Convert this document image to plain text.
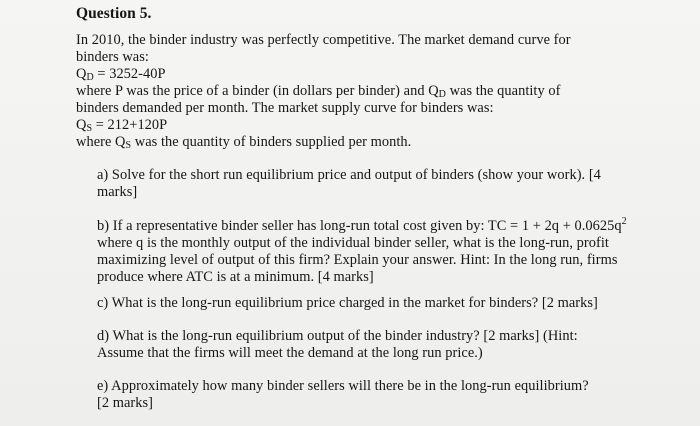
Question 5.
In 2010, the binder industry was perfectly competitive. The market demand curve for
binders was:
$Q_D = 3252-40P$
where P was the price of a binder (in dollars per binder) and $Q_D$ was the quantity of
binders demanded per month. The market supply curve for binders was:
$Q_S = 212+120P$
where $Q_S$ was the quantity of binders supplied per month.
a) Solve for the short run equilibrium price and output of binders (show your work). [4
marks]
b) If a representative binder seller has long-run total cost given by: TC = $1 + 2q + 0.0625q^2$
where q is the monthly output of the individual binder seller, what is the long-run, profit
maximizing level of output of this firm? Explain your answer. Hint: In the long run, firms
produce where ATC is at a minimum. [4 marks]
c) What is the long-run equilibrium price charged in the market for binders? [2 marks]
d) What is the long-run equilibrium output of the binder industry? [2 marks] (Hint:
Assume that the firms will meet the demand at the long run price.)
e) Approximately how many binder sellers will there be in the long-run equilibrium?
[2 marks]
